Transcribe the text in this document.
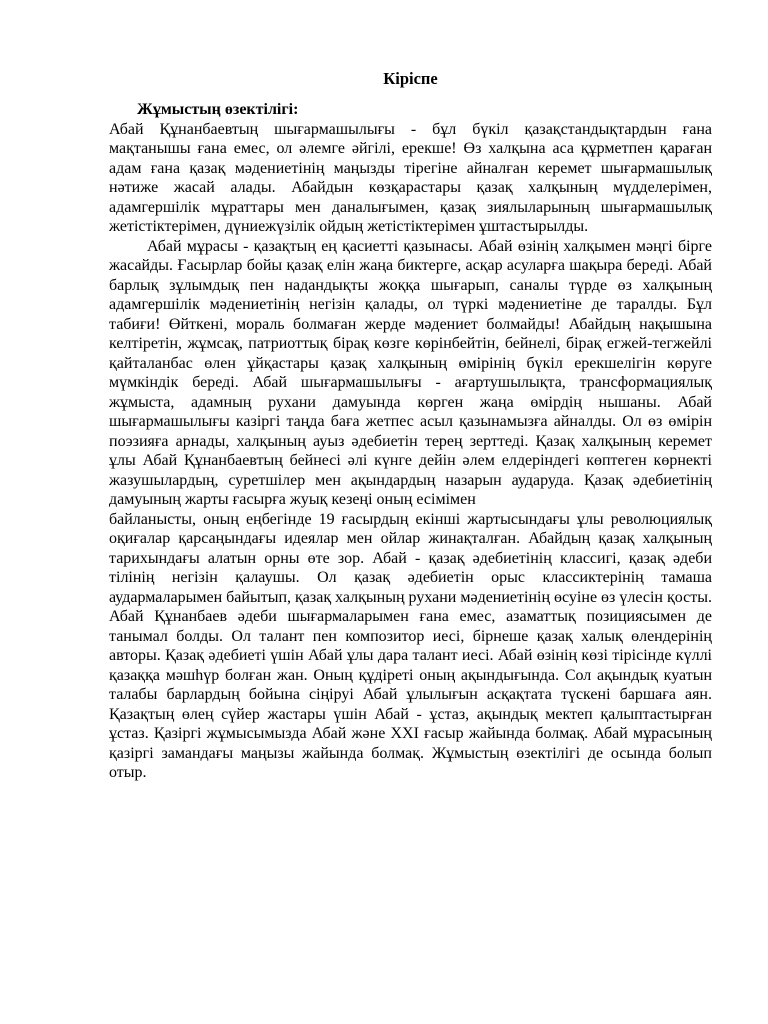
Кіріспе

Жұмыстың өзектілігі:

Абай Құнанбаевтың шығармашылығы - бұл бүкіл қазақстандықтардын ғана мақтанышы ғана емес, ол әлемге әйгілі, ерекше! Өз халқына аса құрметпен қараған адам ғана қазақ мәдениетінің маңызды тірегіне айналған керемет шығармашылық нәтиже жасай алады. Абайдын көзқарастары қазақ халқының мүдделерімен, адамгершілік мұраттары мен даналығымен, қазақ зиялыларының шығармашылық жетістіктерімен, дүниежүзілік ойдың жетістіктерімен ұштастырылды.

Абай мұрасы - қазақтың ең қасиетті қазынасы. Абай өзінің халқымен мәңгі бірге жасайды. Ғасырлар бойы қазақ елін жаңа биктерге, асқар асуларға шақыра береді. Абай барлық зұлымдық пен надандықты жоққа шығарып, саналы түрде өз халқының адамгершілік мәдениетінің негізін қалады, ол түркі мәдениетіне де таралды. Бұл табиғи! Өйткені, мораль болмаған жерде мәдениет болмайды! Абайдың нақышына келтіретін, жұмсақ, патриоттық бірақ көзге көрінбейтін, бейнелі, бірақ егжей-тегжейлі қайталанбас өлен ұйқастары қазақ халқының өмірінің бүкіл ерекшелігін көруге мүмкіндік береді. Абай шығармашылығы - ағартушылықта, трансформациялық жұмыста, адамның рухани дамуында көрген жаңа өмірдің нышаны. Абай шығармашылығы казіргі таңда баға жетпес асыл қазынамызға айналды. Ол өз өмірін поэзияға арнады, халқының ауыз әдебиетін терең зерттеді. Қазақ халқының керемет ұлы Абай Құнанбаевтың бейнесі әлі күнге дейін әлем елдеріндегі көптеген көрнекті жазушылардың, суретшілер мен ақындардың назарын аударуда. Қазақ әдебиетінің дамуының жарты ғасырға жуық кезеңі оның есімімен

байланысты, оның еңбегінде 19 ғасырдың екінші жартысындағы ұлы революциялық оқиғалар қарсаңындағы идеялар мен ойлар жинақталған. Абайдың қазақ халқының тарихындағы алатын орны өте зор. Абай - қазақ әдебиетінің классигі, қазақ әдеби тілінің негізін қалаушы. Ол қазақ әдебиетін орыс классиктерінің тамаша аудармаларымен байытып, қазақ халқының рухани мәдениетінің өсуіне өз үлесін қосты. Абай Құнанбаев әдеби шығармаларымен ғана емес, азаматтық позициясымен де танымал болды. Ол талант пен композитор иесі, бірнеше қазақ халық өлендерінің авторы. Қазақ әдебиеті үшін Абай ұлы дара талант иесі. Абай өзінің көзі тірісінде күллі қазаққа мәшһүр болған жан. Оның құдіреті оның ақындығында. Сол ақындық куатын талабы барлардың бойына сіңіруі Абай ұлылығын асқақтата түскені баршаға аян. Қазақтың өлең сүйер жастары үшін Абай - ұстаз, ақындық мектеп қалыптастырған ұстаз. Қазіргі жұмысымызда Абай және ХХІ ғасыр жайында болмақ. Абай мұрасының қазіргі замандағы маңызы жайында болмақ. Жұмыстың өзектілігі де осында болып отыр.
